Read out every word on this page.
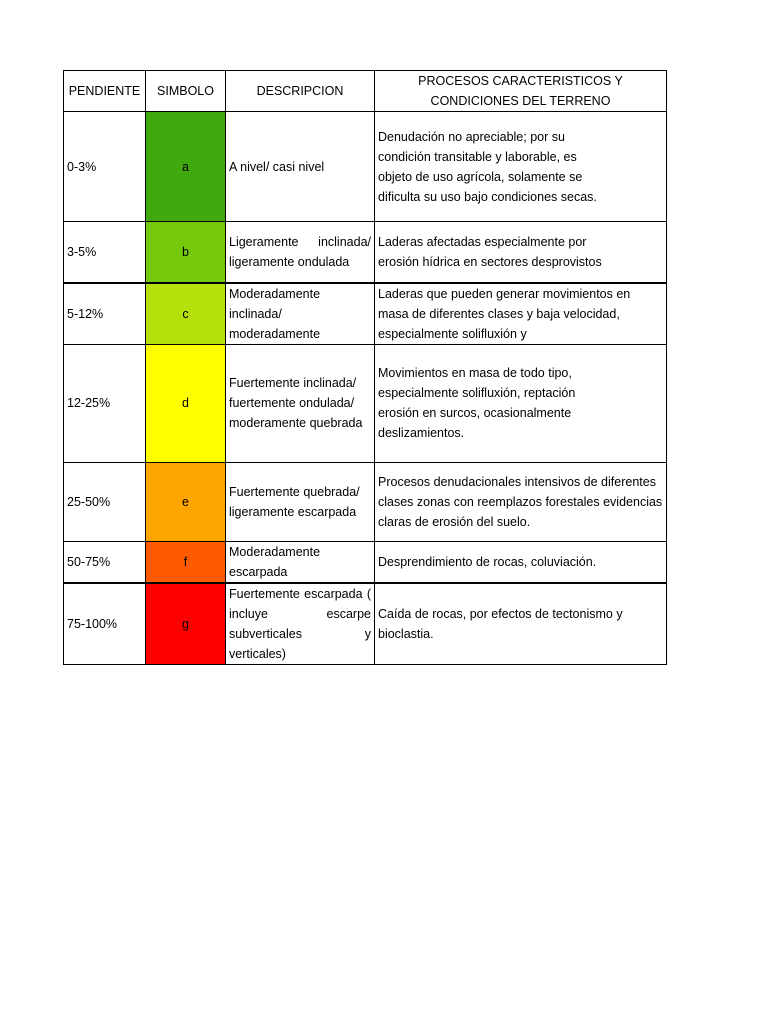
PENDIENTE	SIMBOLO	DESCRIPCION	PROCESOS CARACTERISTICOS Y CONDICIONES DEL TERRENO
0-3%	a	A nivel/ casi nivel	Denudación no apreciable; por su condición transitable y laborable, es objeto de uso agrícola, solamente se dificulta su uso bajo condiciones secas.
3-5%	b	Ligeramente inclinada/ ligeramente ondulada	Laderas afectadas especialmente por erosión hídrica en sectores desprovistos
5-12%	c	Moderadamente inclinada/ moderadamente	Laderas que pueden generar movimientos en masa de diferentes clases y baja velocidad, especialmente solifluxión y
12-25%	d	Fuertemente inclinada/ fuertemente ondulada/ moderamente quebrada	Movimientos en masa de todo tipo, especialmente solifluxión, reptación erosión en surcos, ocasionalmente deslizamientos.
25-50%	e	Fuertemente quebrada/ ligeramente escarpada	Procesos denudacionales intensivos de diferentes clases zonas con reemplazos forestales evidencias claras de erosión del suelo.
50-75%	f	Moderadamente escarpada	Desprendimiento de rocas, coluviación.
75-100%	g	Fuertemente escarpada ( incluye escarpe subverticales y verticales)	Caída de rocas, por efectos de tectonismo y bioclastia.
